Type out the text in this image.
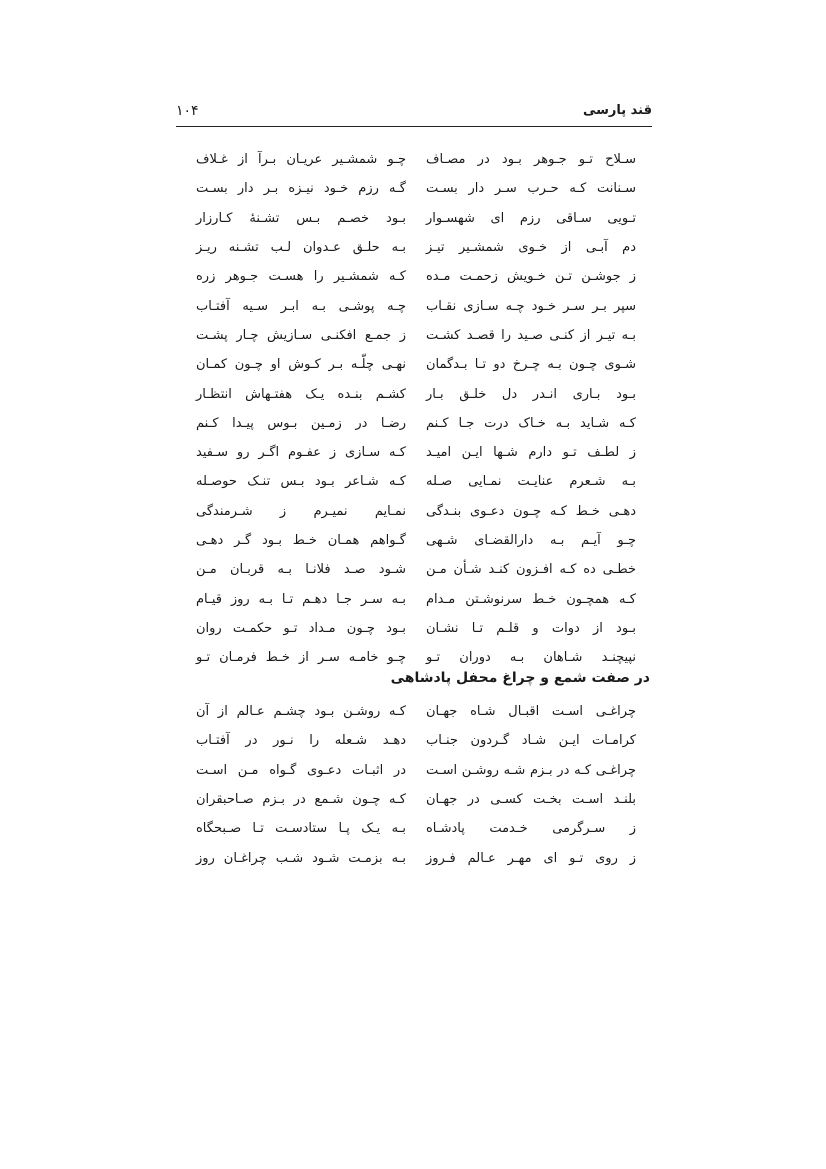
قند پارسی
۱۰۴
سـلاح تـو جـوهر بـود در مصـاف
چـو شمشـیر عریـان بـرآ از غـلاف
سـنانت کـه حـرب سـر دار بسـت
گـه رزم خـود نیـزه بـر دار بسـت
تـویی سـاقی رزم ای شهسـوار
بـود خصـم بـس تشـنهٔ کـارزار
دم آبـی از خـوی شمشـیر تیـز
بـه حلـق عـدوان لـب تشـنه ریـز
ز جوشـن تـن خـویش زحمـت مـده
کـه شمشـیر را هسـت جـوهر زره
سپر بـر سـر خـود چـه سـازی نقـاب
چـه پوشـی بـه ابـر سـیه آفتـاب
بـه تیـر از کنـی صـید را قصـد کشـت
ز جمـع افکنـی سـازیش چـار پشـت
شـوی چـون بـه چـرخ دو تـا بـدگمان
نهـی چلّـه بـر کـوش او چـون کمـان
بـود بـاری انـدر دل خلـق بـار
کشـم بنـده یـک هفتـهاش انتظـار
کـه شـاید بـه خـاک درت جـا کـنم
رضـا در زمـین بـوس پیـدا کـنم
ز لطـف تـو دارم شـها ایـن امیـد
کـه سـازی ز عفـوم اگـر رو سـفید
بـه شـعرم عنایـت نمـایی صـله
کـه شـاعر بـود بـس تنـک حوصـله
دهـی خـط کـه چـون دعـوی بنـدگی
نمـایم نمیـرم ز شـرمندگی
چـو آیـم بـه دارالقضـای شـهی
گـواهم همـان خـط بـود گـر دهـی
خطـی ده کـه افـزون کنـد شـأن مـن
شـود صـد فلانـا بـه قربـان مـن
کـه همچـون خـط سرنوشـتن مـدام
بـه سـر جـا دهـم تـا بـه روز قیـام
بـود از دوات و قلـم تـا نشـان
بـود چـون مـداد تـو حکمـت روان
نپیچنـد شـاهان بـه دوران تـو
چـو خامـه سـر از خـط فرمـان تـو
در صفت شمع و چراغ محفل پادشاهی
چراغـی اسـت اقبـال شـاه جهـان
کـه روشـن بـود چشـم عـالم از آن
کرامـات ایـن شـاد گـردون جنـاب
دهـد شـعله را نـور در آفتـاب
چراغـی کـه در بـزم شـه روشـن اسـت
در اثبـات دعـوی گـواه مـن اسـت
بلنـد اسـت بخـت کسـی در جهـان
کـه چـون شـمع در بـزم صـاحبقران
ز سـرگرمی خـدمت پادشـاه
بـه یـک پـا ستادسـت تـا صـبحگاه
ز روی تـو ای مهـر عـالم فـروز
بـه بزمـت شـود شـب چراغـان روز
